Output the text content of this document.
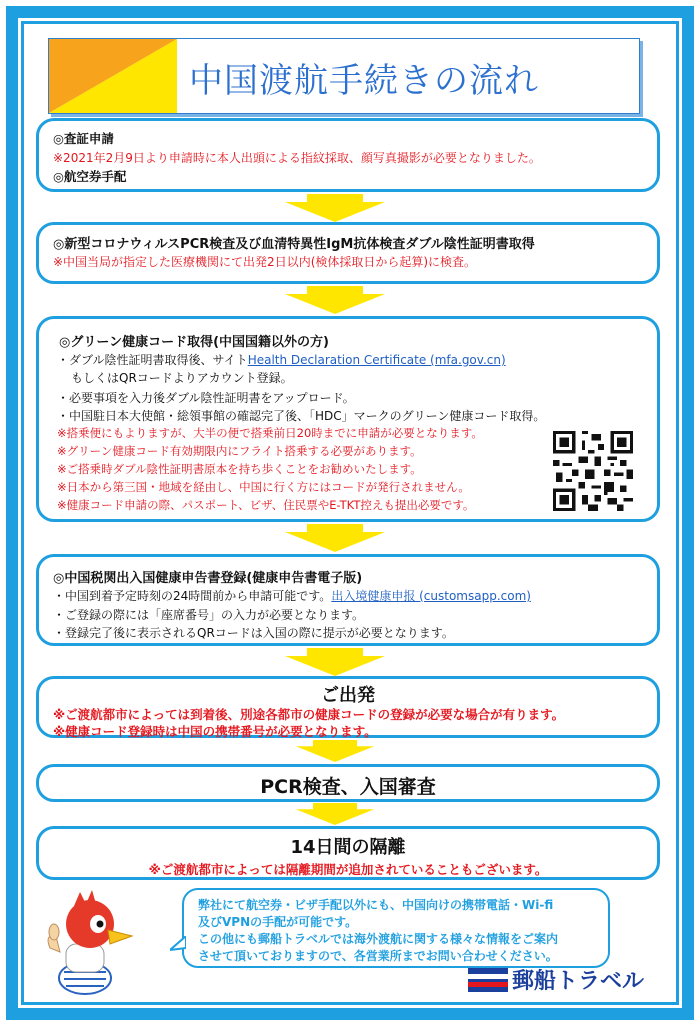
中国渡航手続きの流れ
◎査証申請
※2021年2月9日より申請時に本人出頭による指紋採取、顔写真撮影が必要となりました。
◎航空券手配
◎新型コロナウィルスPCR検査及び血清特異性IgM抗体検査ダブル陰性証明書取得
※中国当局が指定した医療機関にて出発2日以内(検体採取日から起算)に検査。
◎グリーン健康コード取得(中国国籍以外の方)
・ダブル陰性証明書取得後、サイトHealth Declaration Certificate (mfa.gov.cn)
もしくはQRコードよりアカウント登録。
・必要事項を入力後ダブル陰性証明書をアップロード。
・中国駐日本大使館・総領事館の確認完了後、「HDC」マークのグリーン健康コード取得。
※搭乗便にもよりますが、大半の便で搭乗前日20時までに申請が必要となります。
※グリーン健康コード有効期限内にフライト搭乗する必要があります。
※ご搭乗時ダブル陰性証明書原本を持ち歩くことをお勧めいたします。
※日本から第三国・地域を経由し、中国に行く方にはコードが発行されません。
※健康コード申請の際、パスポート、ビザ、住民票やE-TKT控えも提出必要です。
◎中国税関出入国健康申告書登録(健康申告書電子版)
・中国到着予定時刻の24時間前から申請可能です。出入境健康申报 (customsapp.com)
・ご登録の際には「座席番号」の入力が必要となります。
・登録完了後に表示されるQRコードは入国の際に提示が必要となります。
ご出発
※ご渡航都市によっては到着後、別途各都市の健康コードの登録が必要な場合が有ります。
※健康コード登録時は中国の携帯番号が必要となります。
PCR検査、入国審査
14日間の隔離
※ご渡航都市によっては隔離期間が追加されていることもございます。
弊社にて航空券・ビザ手配以外にも、中国向けの携帯電話・Wi-fi
及びVPNの手配が可能です。
この他にも郵船トラベルでは海外渡航に関する様々な情報をご案内
させて頂いておりますので、各営業所までお問い合わせください。
郵船トラベル
